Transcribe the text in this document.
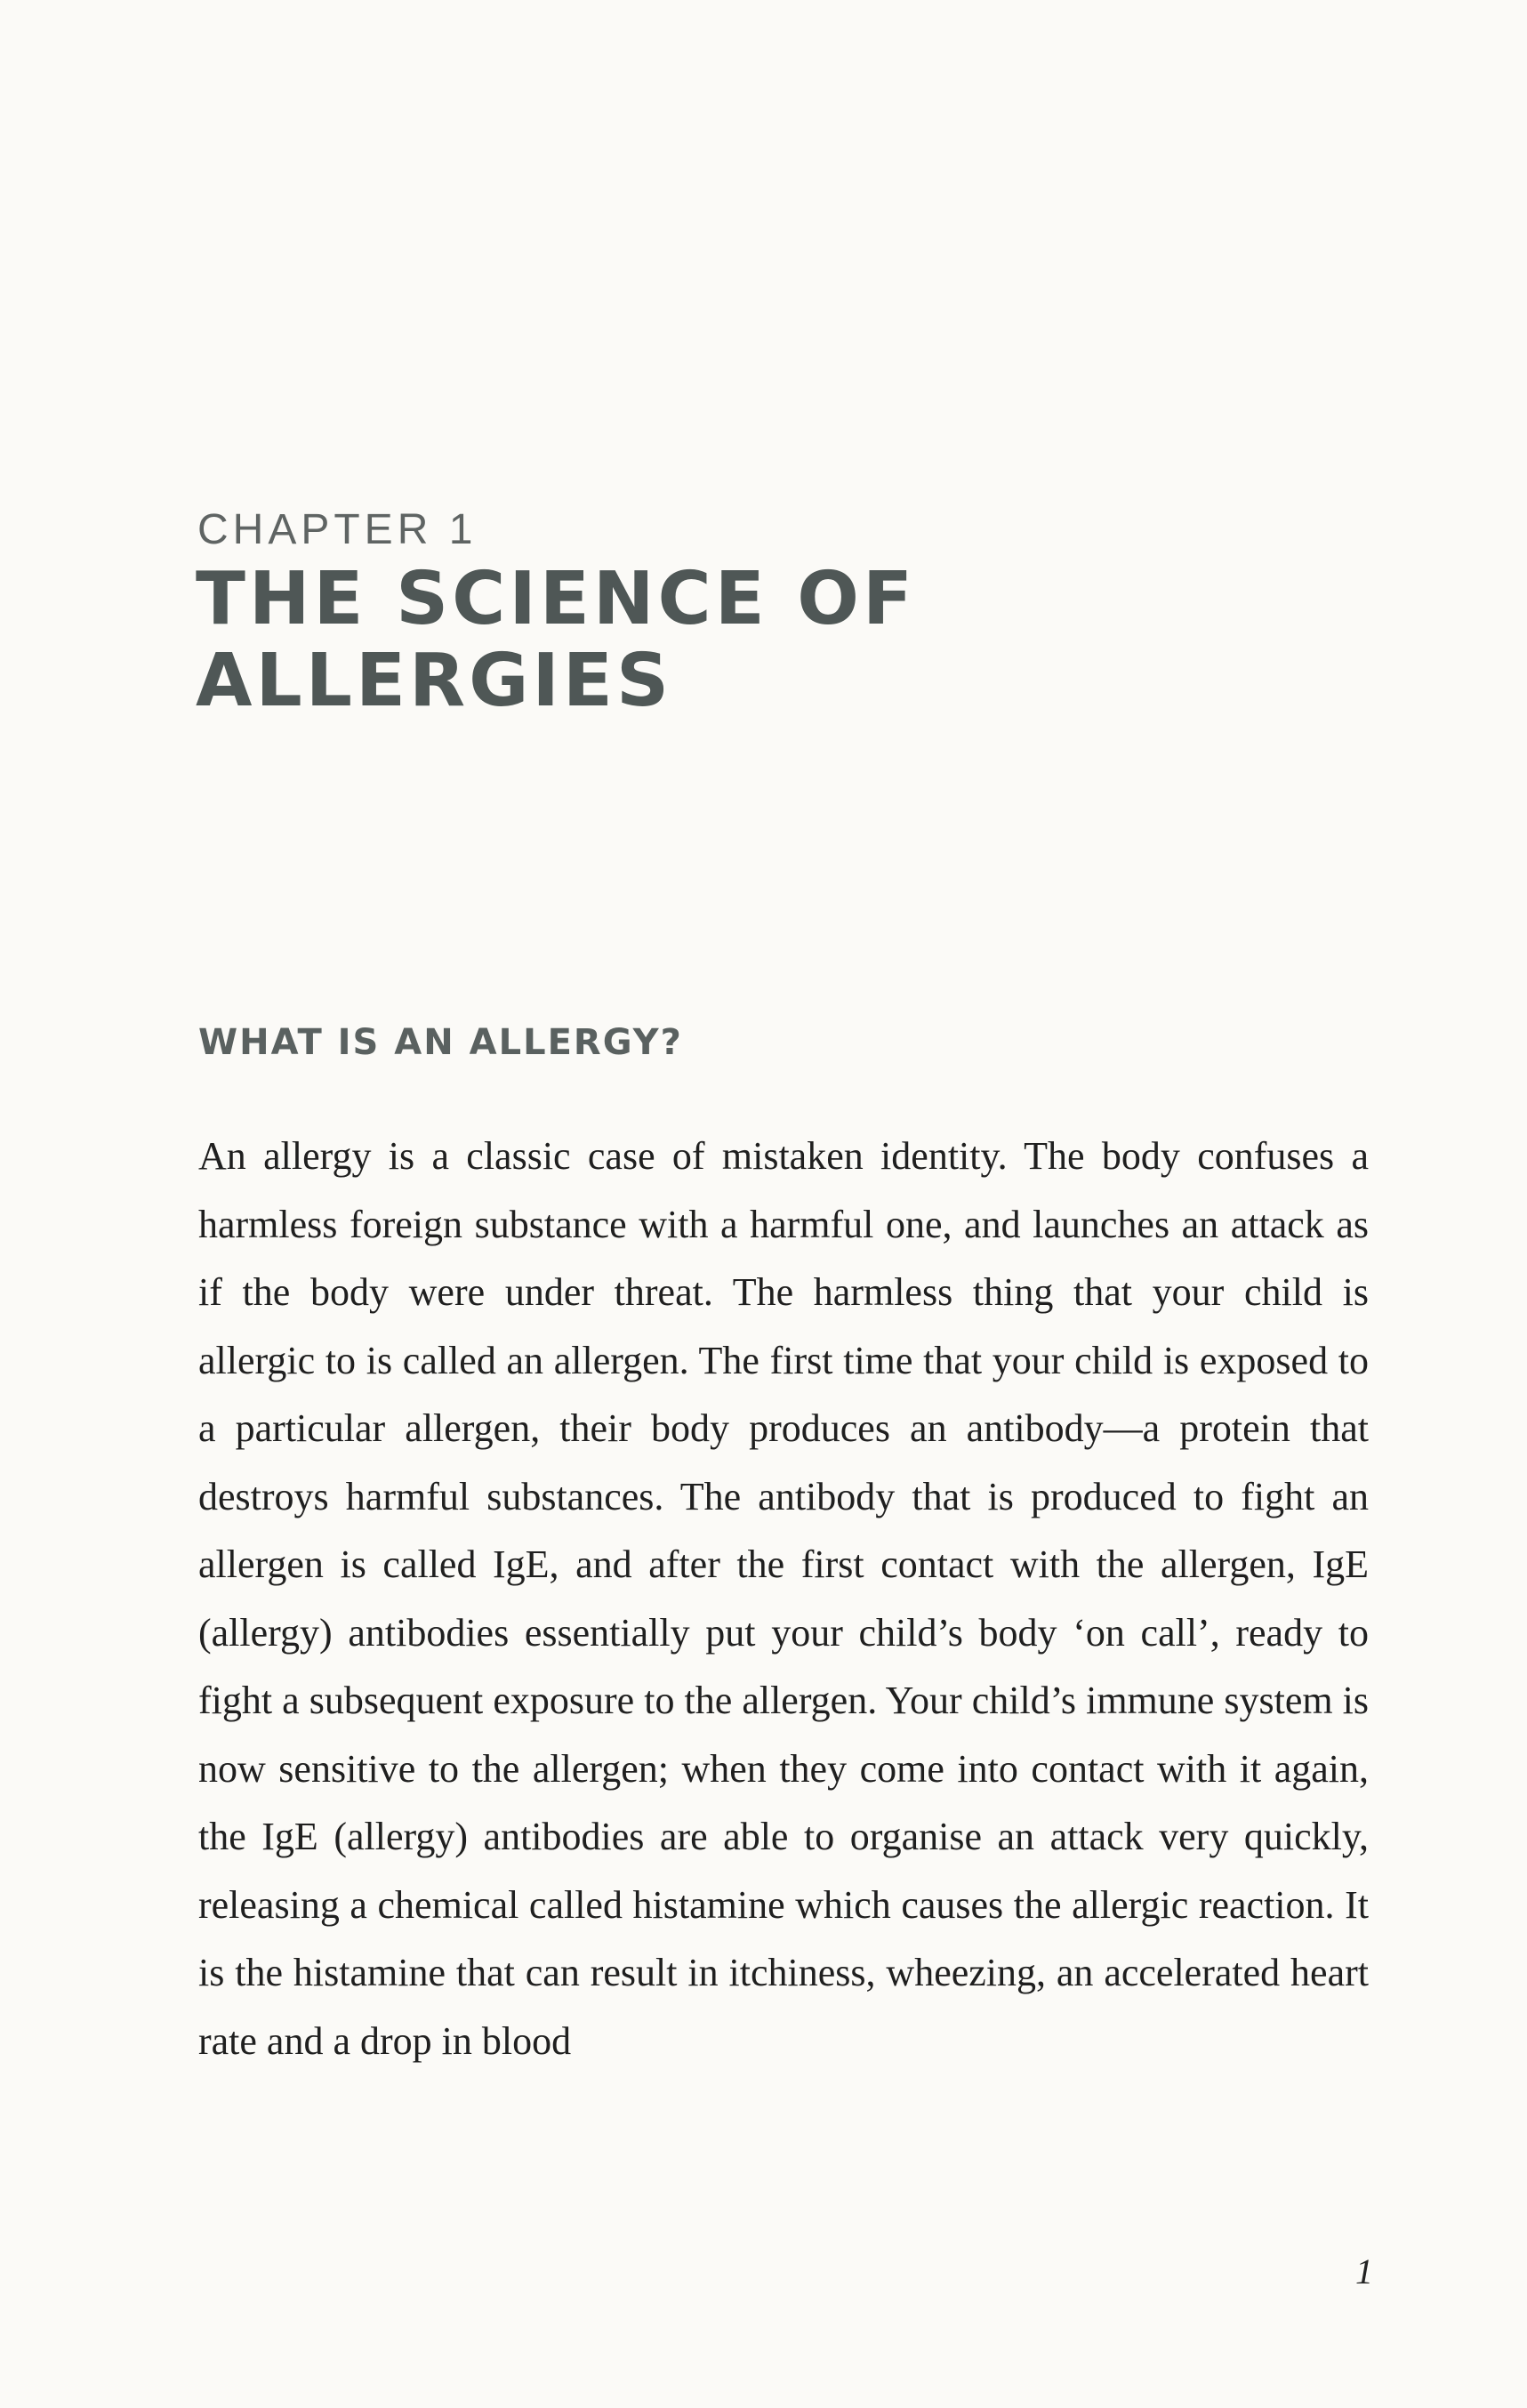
CHAPTER 1
THE SCIENCE OF ALLERGIES
WHAT IS AN ALLERGY?

An allergy is a classic case of mistaken identity. The body confuses a harmless foreign substance with a harmful one, and launches an attack as if the body were under threat. The harmless thing that your child is allergic to is called an allergen. The first time that your child is exposed to a particular allergen, their body produces an antibody—a protein that destroys harmful substances. The antibody that is produced to fight an allergen is called IgE, and after the first contact with the allergen, IgE (allergy) antibodies essentially put your child’s body ‘on call’, ready to fight a subsequent exposure to the allergen. Your child’s immune system is now sensitive to the allergen; when they come into contact with it again, the IgE (allergy) antibodies are able to organise an attack very quickly, releasing a chemical called histamine which causes the allergic reaction. It is the histamine that can result in itchiness, wheezing, an accelerated heart rate and a drop in blood

1
